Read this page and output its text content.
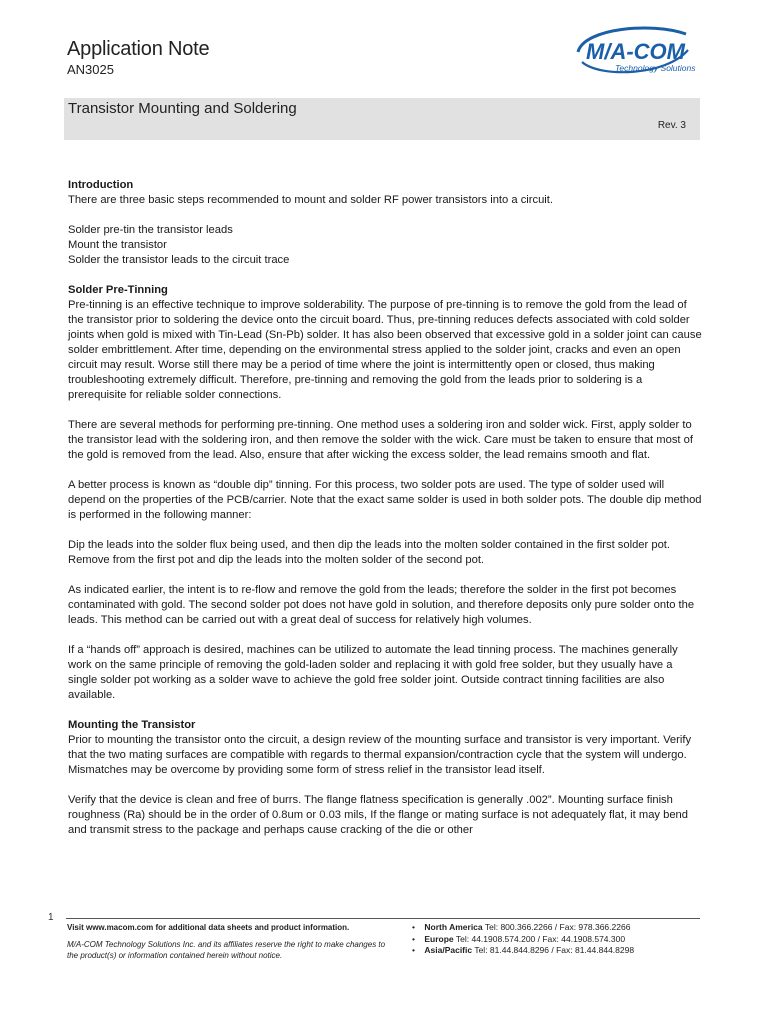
Application Note
AN3025
M/A-COM
Technology Solutions
Transistor Mounting and Soldering
Rev. 3
Introduction

There are three basic steps recommended to mount and solder RF power transistors into a circuit.

Solder pre-tin the transistor leads
Mount the transistor
Solder the transistor leads to the circuit trace
Solder Pre-Tinning

Pre-tinning is an effective technique to improve solderability. The purpose of pre-tinning is to remove the gold from the lead of the transistor prior to soldering the device onto the circuit board. Thus, pre-tinning reduces defects associated with cold solder joints when gold is mixed with Tin-Lead (Sn-Pb) solder. It has also been observed that excessive gold in a solder joint can cause solder embrittlement. After time, depending on the environmental stress applied to the solder joint, cracks and even an open circuit may result. Worse still there may be a period of time where the joint is intermittently open or closed, thus making troubleshooting extremely difficult. Therefore, pre-tinning and removing the gold from the leads prior to soldering is a prerequisite for reliable solder connections.

There are several methods for performing pre-tinning. One method uses a soldering iron and solder wick. First, apply solder to the transistor lead with the soldering iron, and then remove the solder with the wick. Care must be taken to ensure that most of the gold is removed from the lead. Also, ensure that after wicking the excess solder, the lead remains smooth and flat.

A better process is known as “double dip” tinning. For this process, two solder pots are used. The type of solder used will depend on the properties of the PCB/carrier. Note that the exact same solder is used in both solder pots. The double dip method is performed in the following manner:

Dip the leads into the solder flux being used, and then dip the leads into the molten solder contained in the first solder pot. Remove from the first pot and dip the leads into the molten solder of the second pot.

As indicated earlier, the intent is to re-flow and remove the gold from the leads; therefore the solder in the first pot becomes contaminated with gold. The second solder pot does not have gold in solution, and therefore deposits only pure solder onto the leads. This method can be carried out with a great deal of success for relatively high volumes.

If a “hands off” approach is desired, machines can be utilized to automate the lead tinning process. The machines generally work on the same principle of removing the gold-laden solder and replacing it with gold free solder, but they usually have a single solder pot working as a solder wave to achieve the gold free solder joint. Outside contract tinning facilities are also available.

Mounting the Transistor

Prior to mounting the transistor onto the circuit, a design review of the mounting surface and transistor is very important. Verify that the two mating surfaces are compatible with regards to thermal expansion/contraction cycle that the system will undergo. Mismatches may be overcome by providing some form of stress relief in the transistor lead itself.

Verify that the device is clean and free of burrs. The flange flatness specification is generally .002”. Mounting surface finish roughness (Ra) should be in the order of 0.8um or 0.03 mils, If the flange or mating surface is not adequately flat, it may bend and transmit stress to the package and perhaps cause cracking of the die or other

1
Visit www.macom.com for additional data sheets and product information.
M/A-COM Technology Solutions Inc. and its affiliates reserve the right to make changes to the product(s) or information contained herein without notice.
• North America Tel: 800.366.2266 / Fax: 978.366.2266
• Europe Tel: 44.1908.574.200 / Fax: 44.1908.574.300
• Asia/Pacific Tel: 81.44.844.8296 / Fax: 81.44.844.8298
